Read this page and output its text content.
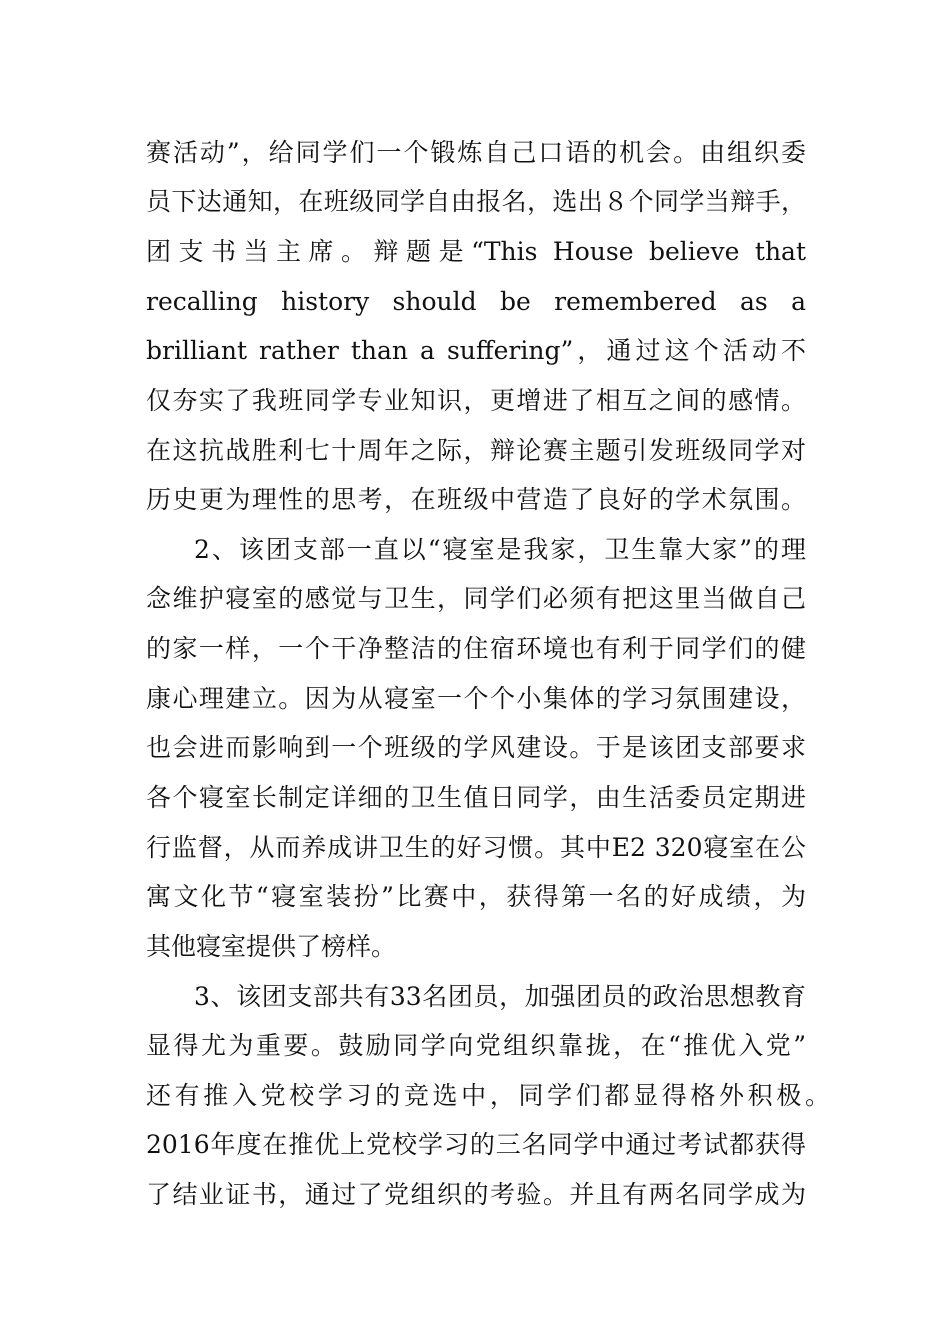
赛活动”，给同学们一个锻炼自己口语的机会。由组织委
员下达通知，在班级同学自由报名，选出８个同学当辩手，
团支书当主席。辩题是“This House believe that
recalling history should be remembered as a
brilliant rather than a suffering”，通过这个活动不
仅夯实了我班同学专业知识，更增进了相互之间的感情。
在这抗战胜利七十周年之际，辩论赛主题引发班级同学对
历史更为理性的思考，在班级中营造了良好的学术氛围。
2、该团支部一直以“寝室是我家，卫生靠大家”的理
念维护寝室的感觉与卫生，同学们必须有把这里当做自己
的家一样，一个干净整洁的住宿环境也有利于同学们的健
康心理建立。因为从寝室一个个小集体的学习氛围建设，
也会进而影响到一个班级的学风建设。于是该团支部要求
各个寝室长制定详细的卫生值日同学，由生活委员定期进
行监督，从而养成讲卫生的好习惯。其中E2 320寝室在公
寓文化节“寝室装扮”比赛中，获得第一名的好成绩，为
其他寝室提供了榜样。
3、该团支部共有33名团员，加强团员的政治思想教育
显得尤为重要。鼓励同学向党组织靠拢，在“推优入党”
还有推入党校学习的竞选中，同学们都显得格外积极。
2016年度在推优上党校学习的三名同学中通过考试都获得
了结业证书，通过了党组织的考验。并且有两名同学成为
